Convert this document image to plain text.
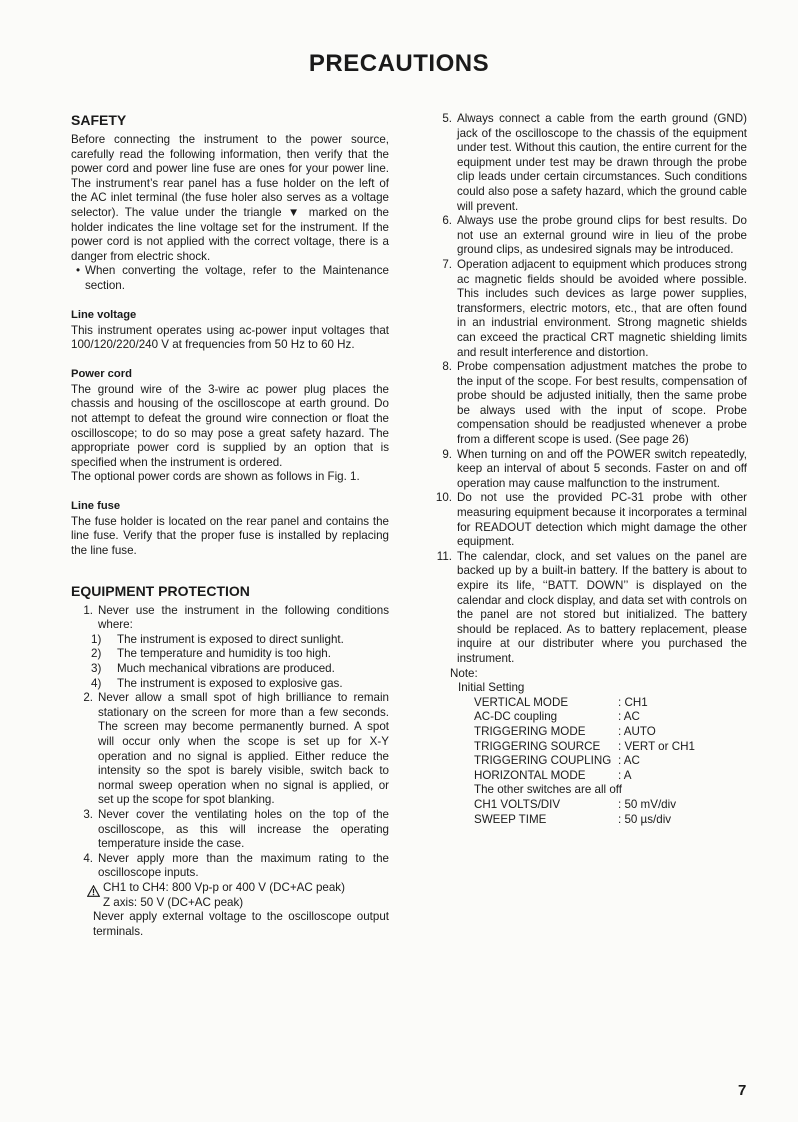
PRECAUTIONS
SAFETY

Before connecting the instrument to the power source, carefully read the following information, then verify that the power cord and power line fuse are ones for your power line. The instrument’s rear panel has a fuse holder on the left of the AC inlet terminal (the fuse holer also serves as a voltage selector). The value under the triangle ▼ marked on the holder indicates the line voltage set for the instrument. If the power cord is not applied with the correct voltage, there is a danger from electric shock.

• When converting the voltage, refer to the Maintenance section.
Line voltage

This instrument operates using ac-power input voltages that 100/120/220/240 V at frequencies from 50 Hz to 60 Hz.

Power cord

The ground wire of the 3-wire ac power plug places the chassis and housing of the oscilloscope at earth ground. Do not attempt to defeat the ground wire connection or float the oscilloscope; to do so may pose a great safety hazard. The appropriate power cord is supplied by an option that is specified when the instrument is ordered.

The optional power cords are shown as follows in Fig. 1.

Line fuse

The fuse holder is located on the rear panel and contains the line fuse. Verify that the proper fuse is installed by replacing the line fuse.

EQUIPMENT PROTECTION
1. Never use the instrument in the following conditions where:
1)	The instrument is exposed to direct sunlight.
2)	The temperature and humidity is too high.
3)	Much mechanical vibrations are produced.
4)	The instrument is exposed to explosive gas.
2. Never allow a small spot of high brilliance to remain stationary on the screen for more than a few seconds. The screen may become permanently burned. A spot will occur only when the scope is set up for X-Y operation and no signal is applied. Either reduce the intensity so the spot is barely visible, switch back to normal sweep operation when no signal is applied, or set up the scope for spot blanking.
3. Never cover the ventilating holes on the top of the oscilloscope, as this will increase the operating temperature inside the case.
4. Never apply more than the maximum rating to the oscilloscope inputs.
CH1 to CH4: 800 Vp-p or 400 V (DC+AC peak)
Z axis: 50 V (DC+AC peak)

Never apply external voltage to the oscilloscope output terminals.

5. Always connect a cable from the earth ground (GND) jack of the oscilloscope to the chassis of the equipment under test. Without this caution, the entire current for the equipment under test may be drawn through the probe clip leads under certain circumstances. Such conditions could also pose a safety hazard, which the ground cable will prevent.
6. Always use the probe ground clips for best results. Do not use an external ground wire in lieu of the probe ground clips, as undesired signals may be introduced.
7. Operation adjacent to equipment which produces strong ac magnetic fields should be avoided where possible. This includes such devices as large power supplies, transformers, electric motors, etc., that are often found in an industrial environment. Strong magnetic shields can exceed the practical CRT magnetic shielding limits and result interference and distortion.
8. Probe compensation adjustment matches the probe to the input of the scope. For best results, compensation of probe should be adjusted initially, then the same probe be always used with the input of scope. Probe compensation should be readjusted whenever a probe from a different scope is used. (See page 26)
9. When turning on and off the POWER switch repeatedly, keep an interval of about 5 seconds. Faster on and off operation may cause malfunction to the instrument.
10. Do not use the provided PC-31 probe with other measuring equipment because it incorporates a terminal for READOUT detection which might damage the other equipment.
11. The calendar, clock, and set values on the panel are backed up by a built-in battery. If the battery is about to expire its life, ‘‘BATT. DOWN’’ is displayed on the calendar and clock display, and data set with controls on the panel are not stored but initialized. The battery should be replaced. As to battery replacement, please inquire at our distributer where you purchased the instrument.
Note:
Initial Setting
VERTICAL MODE	: CH1
AC-DC coupling	: AC
TRIGGERING MODE	: AUTO
TRIGGERING SOURCE	: VERT or CH1
TRIGGERING COUPLING : AC
HORIZONTAL MODE	: A
The other switches are all off
CH1 VOLTS/DIV	: 50 mV/div
SWEEP TIME	: 50 µs/div
7
